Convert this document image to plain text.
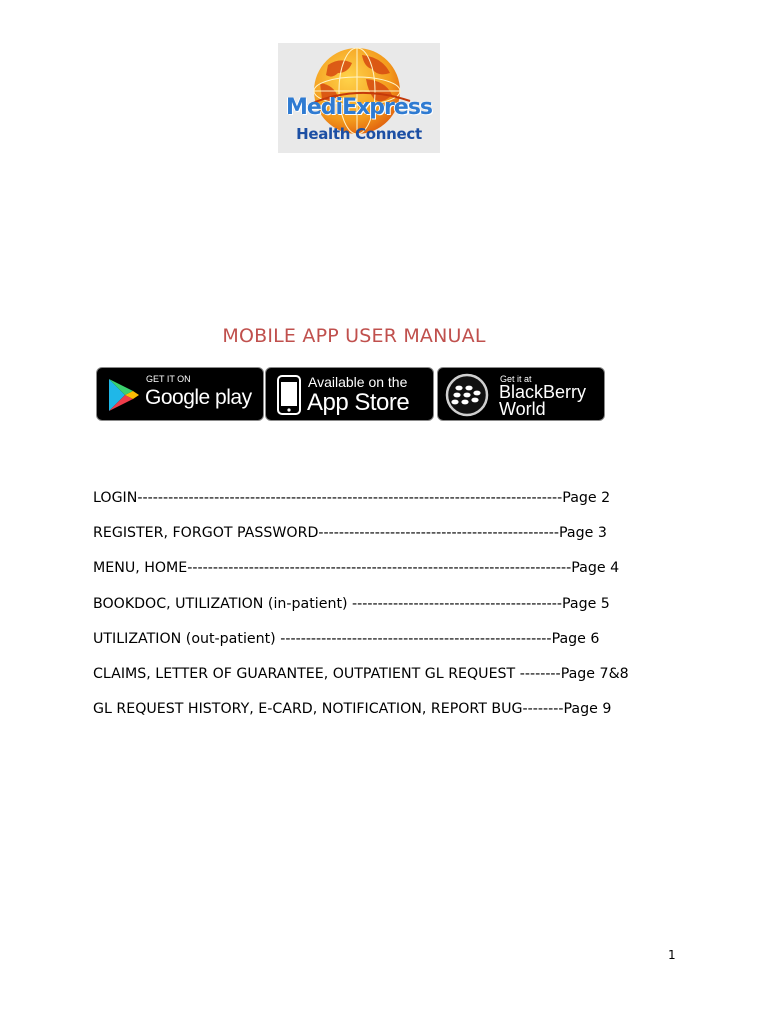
MediExpress
Health Connect
MOBILE APP USER MANUAL
GET IT ON
Google play
Available on the
App Store
Get it at
BlackBerry
World
LOGIN-----------------------------------------------------------------------------------Page 2
REGISTER, FORGOT PASSWORD-----------------------------------------------Page 3
MENU, HOME---------------------------------------------------------------------------Page 4
BOOKDOC, UTILIZATION (in-patient) -----------------------------------------Page 5
UTILIZATION (out-patient) -----------------------------------------------------Page 6
CLAIMS, LETTER OF GUARANTEE, OUTPATIENT GL REQUEST --------Page 7&8
GL REQUEST HISTORY, E-CARD, NOTIFICATION, REPORT BUG--------Page 9
1
